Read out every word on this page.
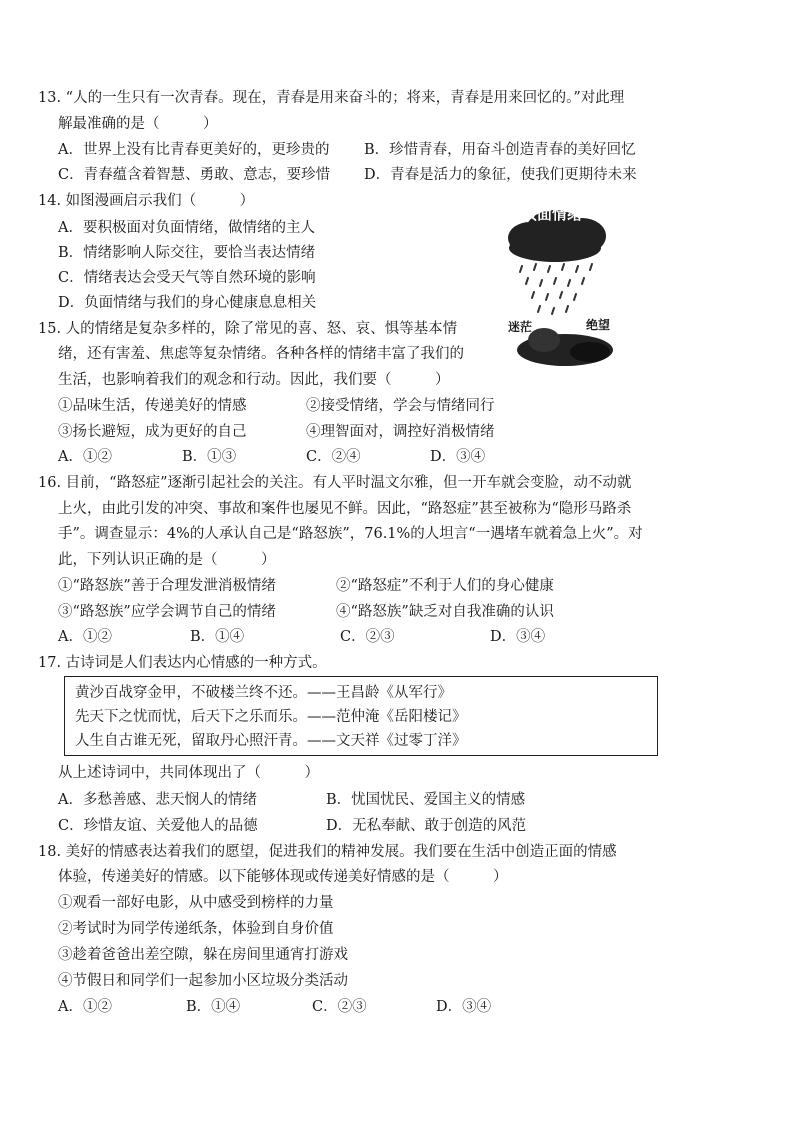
13. “人的一生只有一次青春。现在，青春是用来奋斗的；将来，青春是用来回忆的。”对此理
解最准确的是（　　　）
A．世界上没有比青春更美好的，更珍贵的 B．珍惜青春，用奋斗创造青春的美好回忆
C．青春蕴含着智慧、勇敢、意志，要珍惜 D．青春是活力的象征，使我们更期待未来
14. 如图漫画启示我们（　　　）
A．要积极面对负面情绪，做情绪的主人
B．情绪影响人际交往，要恰当表达情绪
C．情绪表达会受天气等自然环境的影响
D．负面情绪与我们的身心健康息息相关
负面情绪
迷茫	绝望
15. 人的情绪是复杂多样的，除了常见的喜、怒、哀、惧等基本情
绪，还有害羞、焦虑等复杂情绪。各种各样的情绪丰富了我们的
生活，也影响着我们的观念和行动。因此，我们要（　　　）
①品味生活，传递美好的情感	②接受情绪，学会与情绪同行
③扬长避短，成为更好的自己	④理智面对，调控好消极情绪
A．①②	B．①③	C．②④	D．③④
16. 目前，“路怒症”逐渐引起社会的关注。有人平时温文尔雅，但一开车就会变脸，动不动就
上火，由此引发的冲突、事故和案件也屡见不鲜。因此，“路怒症”甚至被称为“隐形马路杀
手”。调查显示：4%的人承认自己是“路怒族”，76.1%的人坦言“一遇堵车就着急上火”。对
此，下列认识正确的是（　　　）
①“路怒族”善于合理发泄消极情绪	②“路怒症”不利于人们的身心健康
③“路怒族”应学会调节自己的情绪	④“路怒族”缺乏对自我准确的认识
A．①②	B．①④	C．②③	D．③④
17. 古诗词是人们表达内心情感的一种方式。
黄沙百战穿金甲，不破楼兰终不还。——王昌龄《从军行》
先天下之忧而忧，后天下之乐而乐。——范仲淹《岳阳楼记》
人生自古谁无死，留取丹心照汗青。——文天祥《过零丁洋》
从上述诗词中，共同体现出了（　　　）
A．多愁善感、悲天悯人的情绪	B．忧国忧民、爱国主义的情感
C．珍惜友谊、关爱他人的品德	D．无私奉献、敢于创造的风范
18. 美好的情感表达着我们的愿望，促进我们的精神发展。我们要在生活中创造正面的情感
体验，传递美好的情感。以下能够体现或传递美好情感的是（　　　）
①观看一部好电影，从中感受到榜样的力量
②考试时为同学传递纸条，体验到自身价值
③趁着爸爸出差空隙，躲在房间里通宵打游戏
④节假日和同学们一起参加小区垃圾分类活动
A．①②	B．①④	C．②③	D．③④
